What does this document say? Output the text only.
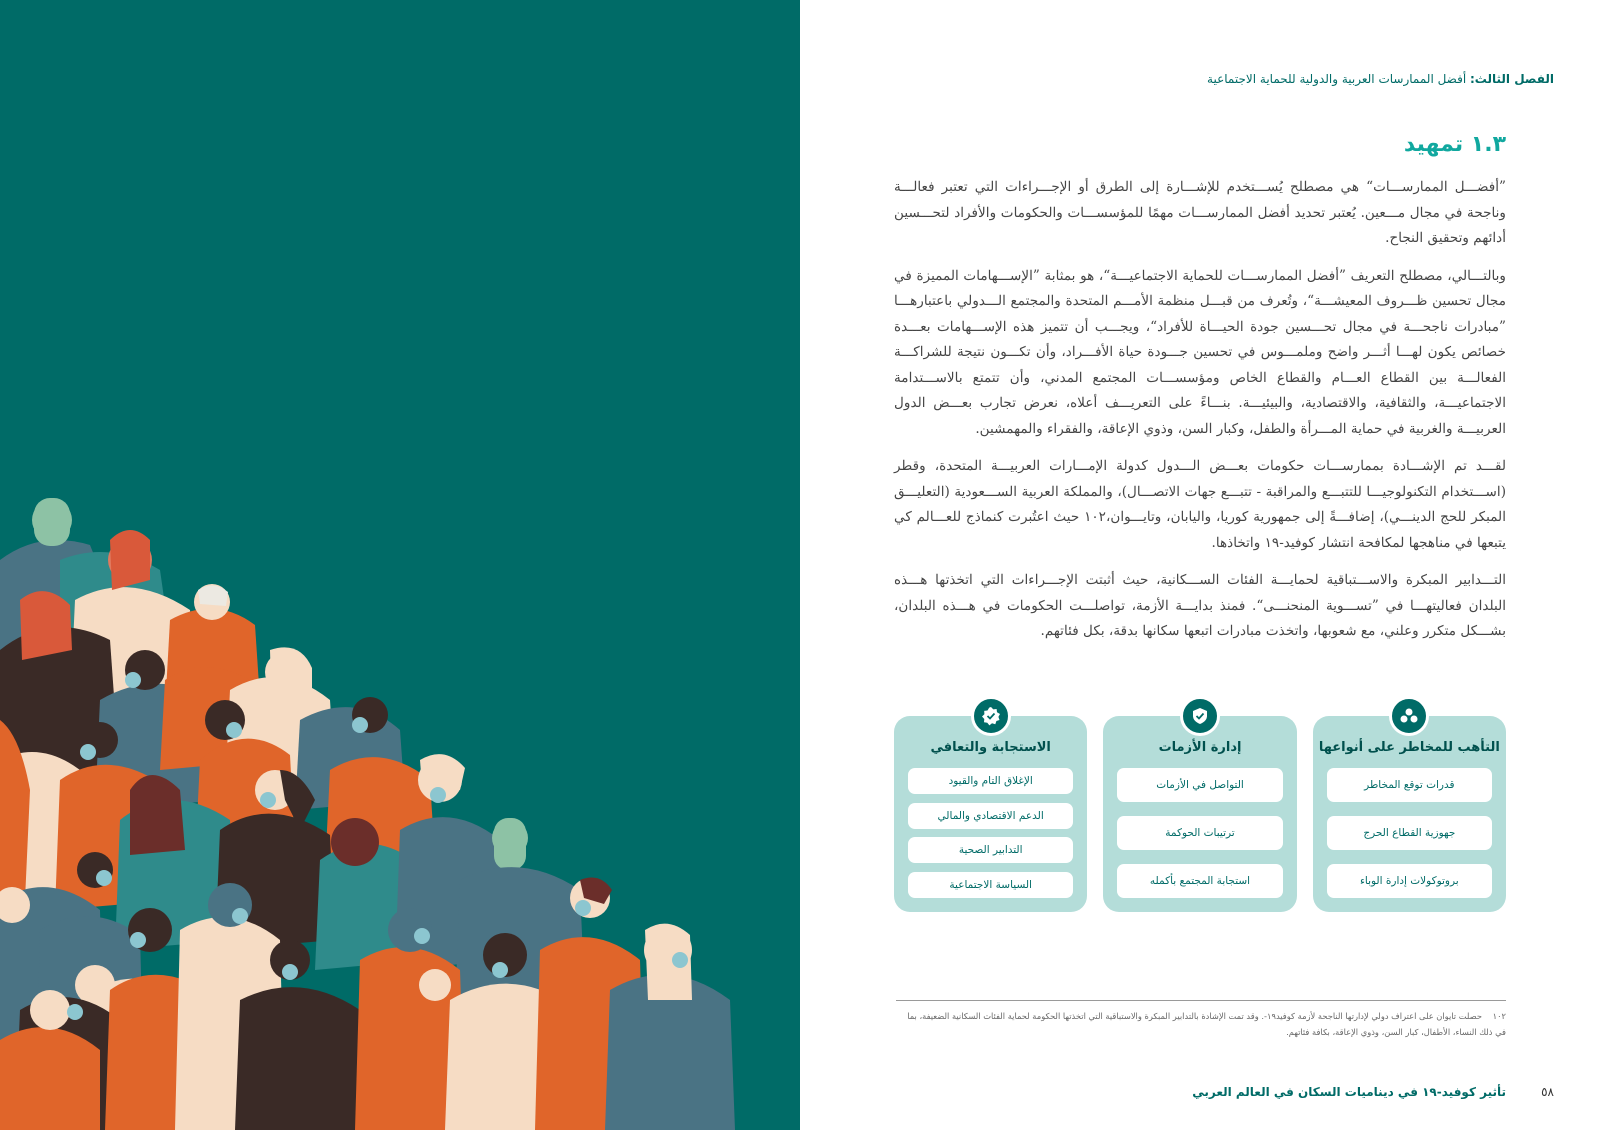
الفصل الثالث: أفضل الممارسات العربية والدولية للحماية الاجتماعية
١.٣ تمهيد

”أفضـــل الممارســـات“ هي مصطلح يُســـتخدم للإشـــارة إلى الطرق أو الإجـــراءات التي تعتبر فعالـــة وناجحة في مجال مـــعين. يُعتبر تحديد أفضل الممارســـات مهمًا للمؤسســـات والحكومات والأفراد لتحـــسين أدائهم وتحقيق النجاح.

وبالتـــالي، مصطلح التعريف ”أفضل الممارســـات للحماية الاجتماعيـــة“، هو بمثابة ”الإســـهامات المميزة في مجال تحسين ظـــروف المعيشـــة“، وتُعرف من قبـــل منظمة الأمـــم المتحدة والمجتمع الـــدولي باعتبارهـــا ”مبادرات ناجحـــة في مجال تحـــسين جودة الحيـــاة للأفراد“، ويجـــب أن تتميز هذه الإســـهامات بعـــدة خصائص يكون لهـــا أثـــر واضح وملمـــوس في تحسين جـــودة حياة الأفـــراد، وأن تكـــون نتيجة للشراكـــة الفعالـــة بين القطاع العـــام والقطاع الخاص ومؤسســـات المجتمع المدني، وأن تتمتع بالاســـتدامة الاجتماعيـــة، والثقافية، والاقتصادية، والبيئيـــة. بنـــاءً على التعريـــف أعلاه، نعرض تجارب بعـــض الدول العربيـــة والغربية في حماية المـــرأة والطفل، وكبار السن، وذوي الإعاقة، والفقراء والمهمشين.

لقـــد تم الإشـــادة بممارســـات حكومات بعـــض الـــدول كدولة الإمـــارات العربيـــة المتحدة، وقطر (اســـتخدام التكنولوجيـــا للتتبـــع والمراقبة - تتبـــع جهات الاتصـــال)، والمملكة العربية الســـعودية (التعليـــق المبكر للحج الدينـــي)، إضافـــةً إلى جمهورية كوريا، واليابان، وتايـــوان،١٠٢ حيث اعتُبرت كنماذج للعـــالم كي يتبعها في مناهجها لمكافحة انتشار كوفيد-١٩ واتخاذها.

التـــدابير المبكرة والاســـتباقية لحمايـــة الفئات الســـكانية، حيث أثبتت الإجـــراءات التي اتخذتها هـــذه البلدان فعاليتهـــا في ”تســـوية المنحنـــى“. فمنذ بدايـــة الأزمة، تواصلـــت الحكومات في هـــذه البلدان، بشـــكل متكرر وعلني، مع شعوبها، واتخذت مبادرات اتبعها سكانها بدقة، بكل فئاتهم.

التأهب للمخاطر على أنواعها
قدرات توقع المخاطر
جهوزية القطاع الحرج
بروتوكولات إدارة الوباء
إدارة الأزمات
التواصل في الأزمات
ترتيبات الحوكمة
استجابة المجتمع بأكمله
الاستجابة والتعافي
الإغلاق التام والقيود
الدعم الاقتصادي والمالي
التدابير الصحية
السياسة الاجتماعية
١٠٢ حصلت تايوان على اعتراف دولي لإدارتها الناجحة لأزمة كوفيد١٩-. وقد تمت الإشادة بالتدابير المبكرة والاستباقية التي اتخذتها الحكومة لحماية الفئات السكانية الضعيفة، بما في ذلك النساء، الأطفال، كبار السن، وذوي الإعاقة، بكافة فئاتهم.
تأثير كوفيد-١٩ في ديناميات السكان في العالم العربي	٥٨
